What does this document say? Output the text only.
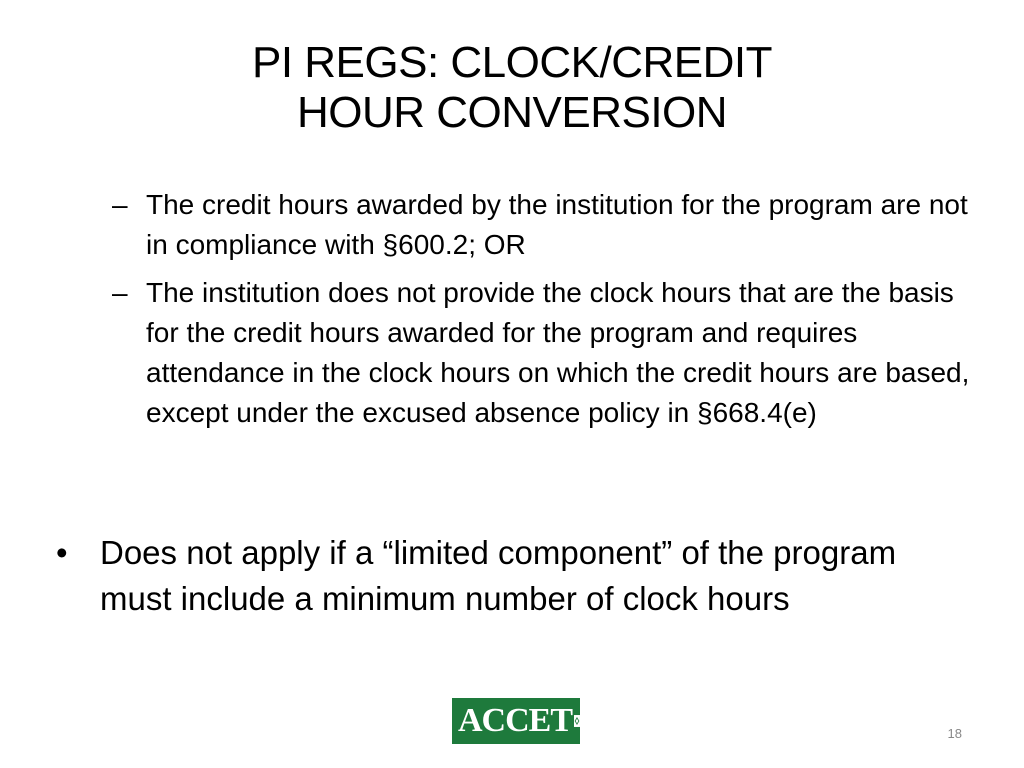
PI REGS: CLOCK/CREDIT
HOUR CONVERSION
– The credit hours awarded by the institution for the program are not in compliance with §600.2; OR
– The institution does not provide the clock hours that are the basis for the credit hours awarded for the program and requires attendance in the clock hours on which the credit hours are based, except under the excused absence policy in §668.4(e)
• Does not apply if a “limited component” of the program must include a minimum number of clock hours
ACCET	18
